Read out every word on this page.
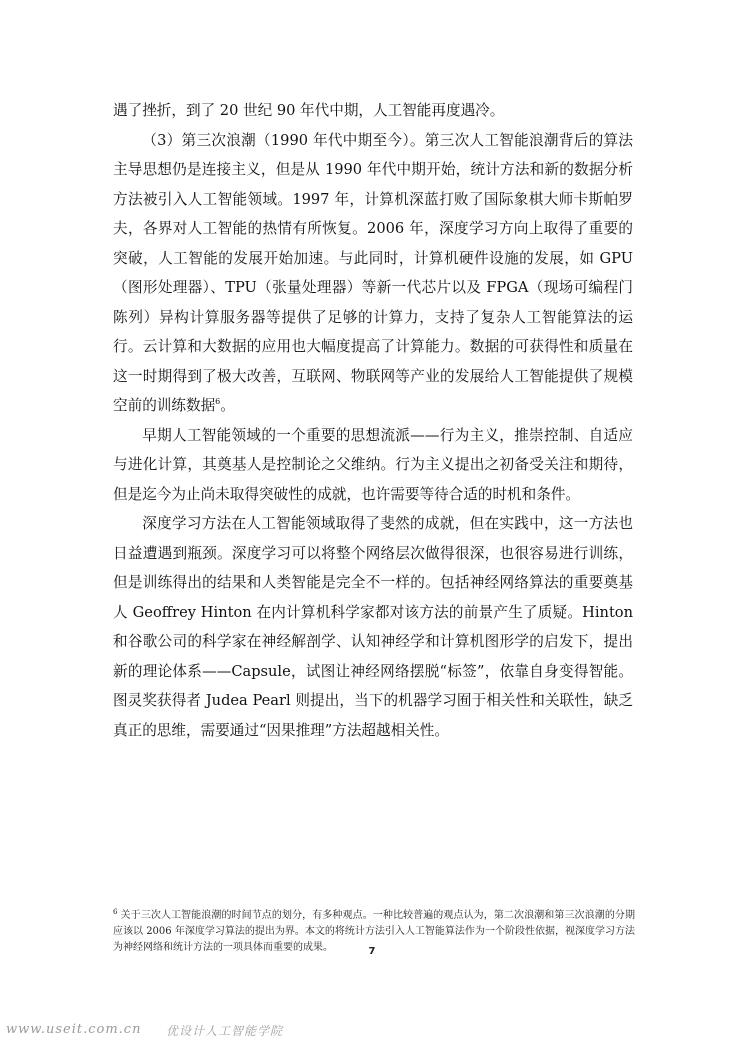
遇了挫折，到了 20 世纪 90 年代中期，人工智能再度遇冷。

（3）第三次浪潮（1990 年代中期至今）。第三次人工智能浪潮背后的算法主导思想仍是连接主义，但是从 1990 年代中期开始，统计方法和新的数据分析方法被引入人工智能领域。1997 年，计算机深蓝打败了国际象棋大师卡斯帕罗夫，各界对人工智能的热情有所恢复。2006 年，深度学习方向上取得了重要的突破，人工智能的发展开始加速。与此同时，计算机硬件设施的发展，如 GPU（图形处理器）、TPU（张量处理器）等新一代芯片以及 FPGA（现场可编程门陈列）异构计算服务器等提供了足够的计算力，支持了复杂人工智能算法的运行。云计算和大数据的应用也大幅度提高了计算能力。数据的可获得性和质量在这一时期得到了极大改善，互联网、物联网等产业的发展给人工智能提供了规模空前的训练数据$^6$。

早期人工智能领域的一个重要的思想流派——行为主义，推崇控制、自适应与进化计算，其奠基人是控制论之父维纳。行为主义提出之初备受关注和期待，但是迄今为止尚未取得突破性的成就，也许需要等待合适的时机和条件。

深度学习方法在人工智能领域取得了斐然的成就，但在实践中，这一方法也日益遭遇到瓶颈。深度学习可以将整个网络层次做得很深，也很容易进行训练，但是训练得出的结果和人类智能是完全不一样的。包括神经网络算法的重要奠基人 Geoffrey Hinton 在内计算机科学家都对该方法的前景产生了质疑。Hinton 和谷歌公司的科学家在神经解剖学、认知神经学和计算机图形学的启发下，提出新的理论体系——Capsule，试图让神经网络摆脱“标签”，依靠自身变得智能。图灵奖获得者 Judea Pearl 则提出，当下的机器学习囿于相关性和关联性，缺乏真正的思维，需要通过“因果推理”方法超越相关性。

$^6$ 关于三次人工智能浪潮的时间节点的划分，有多种观点。一种比较普遍的观点认为，第二次浪潮和第三次浪潮的分期应该以 2006 年深度学习算法的提出为界。本文的将统计方法引入人工智能算法作为一个阶段性依据，视深度学习方法为神经网络和统计方法的一项具体而重要的成果。	7
www.useit.com.cn 优设计人工智能学院
